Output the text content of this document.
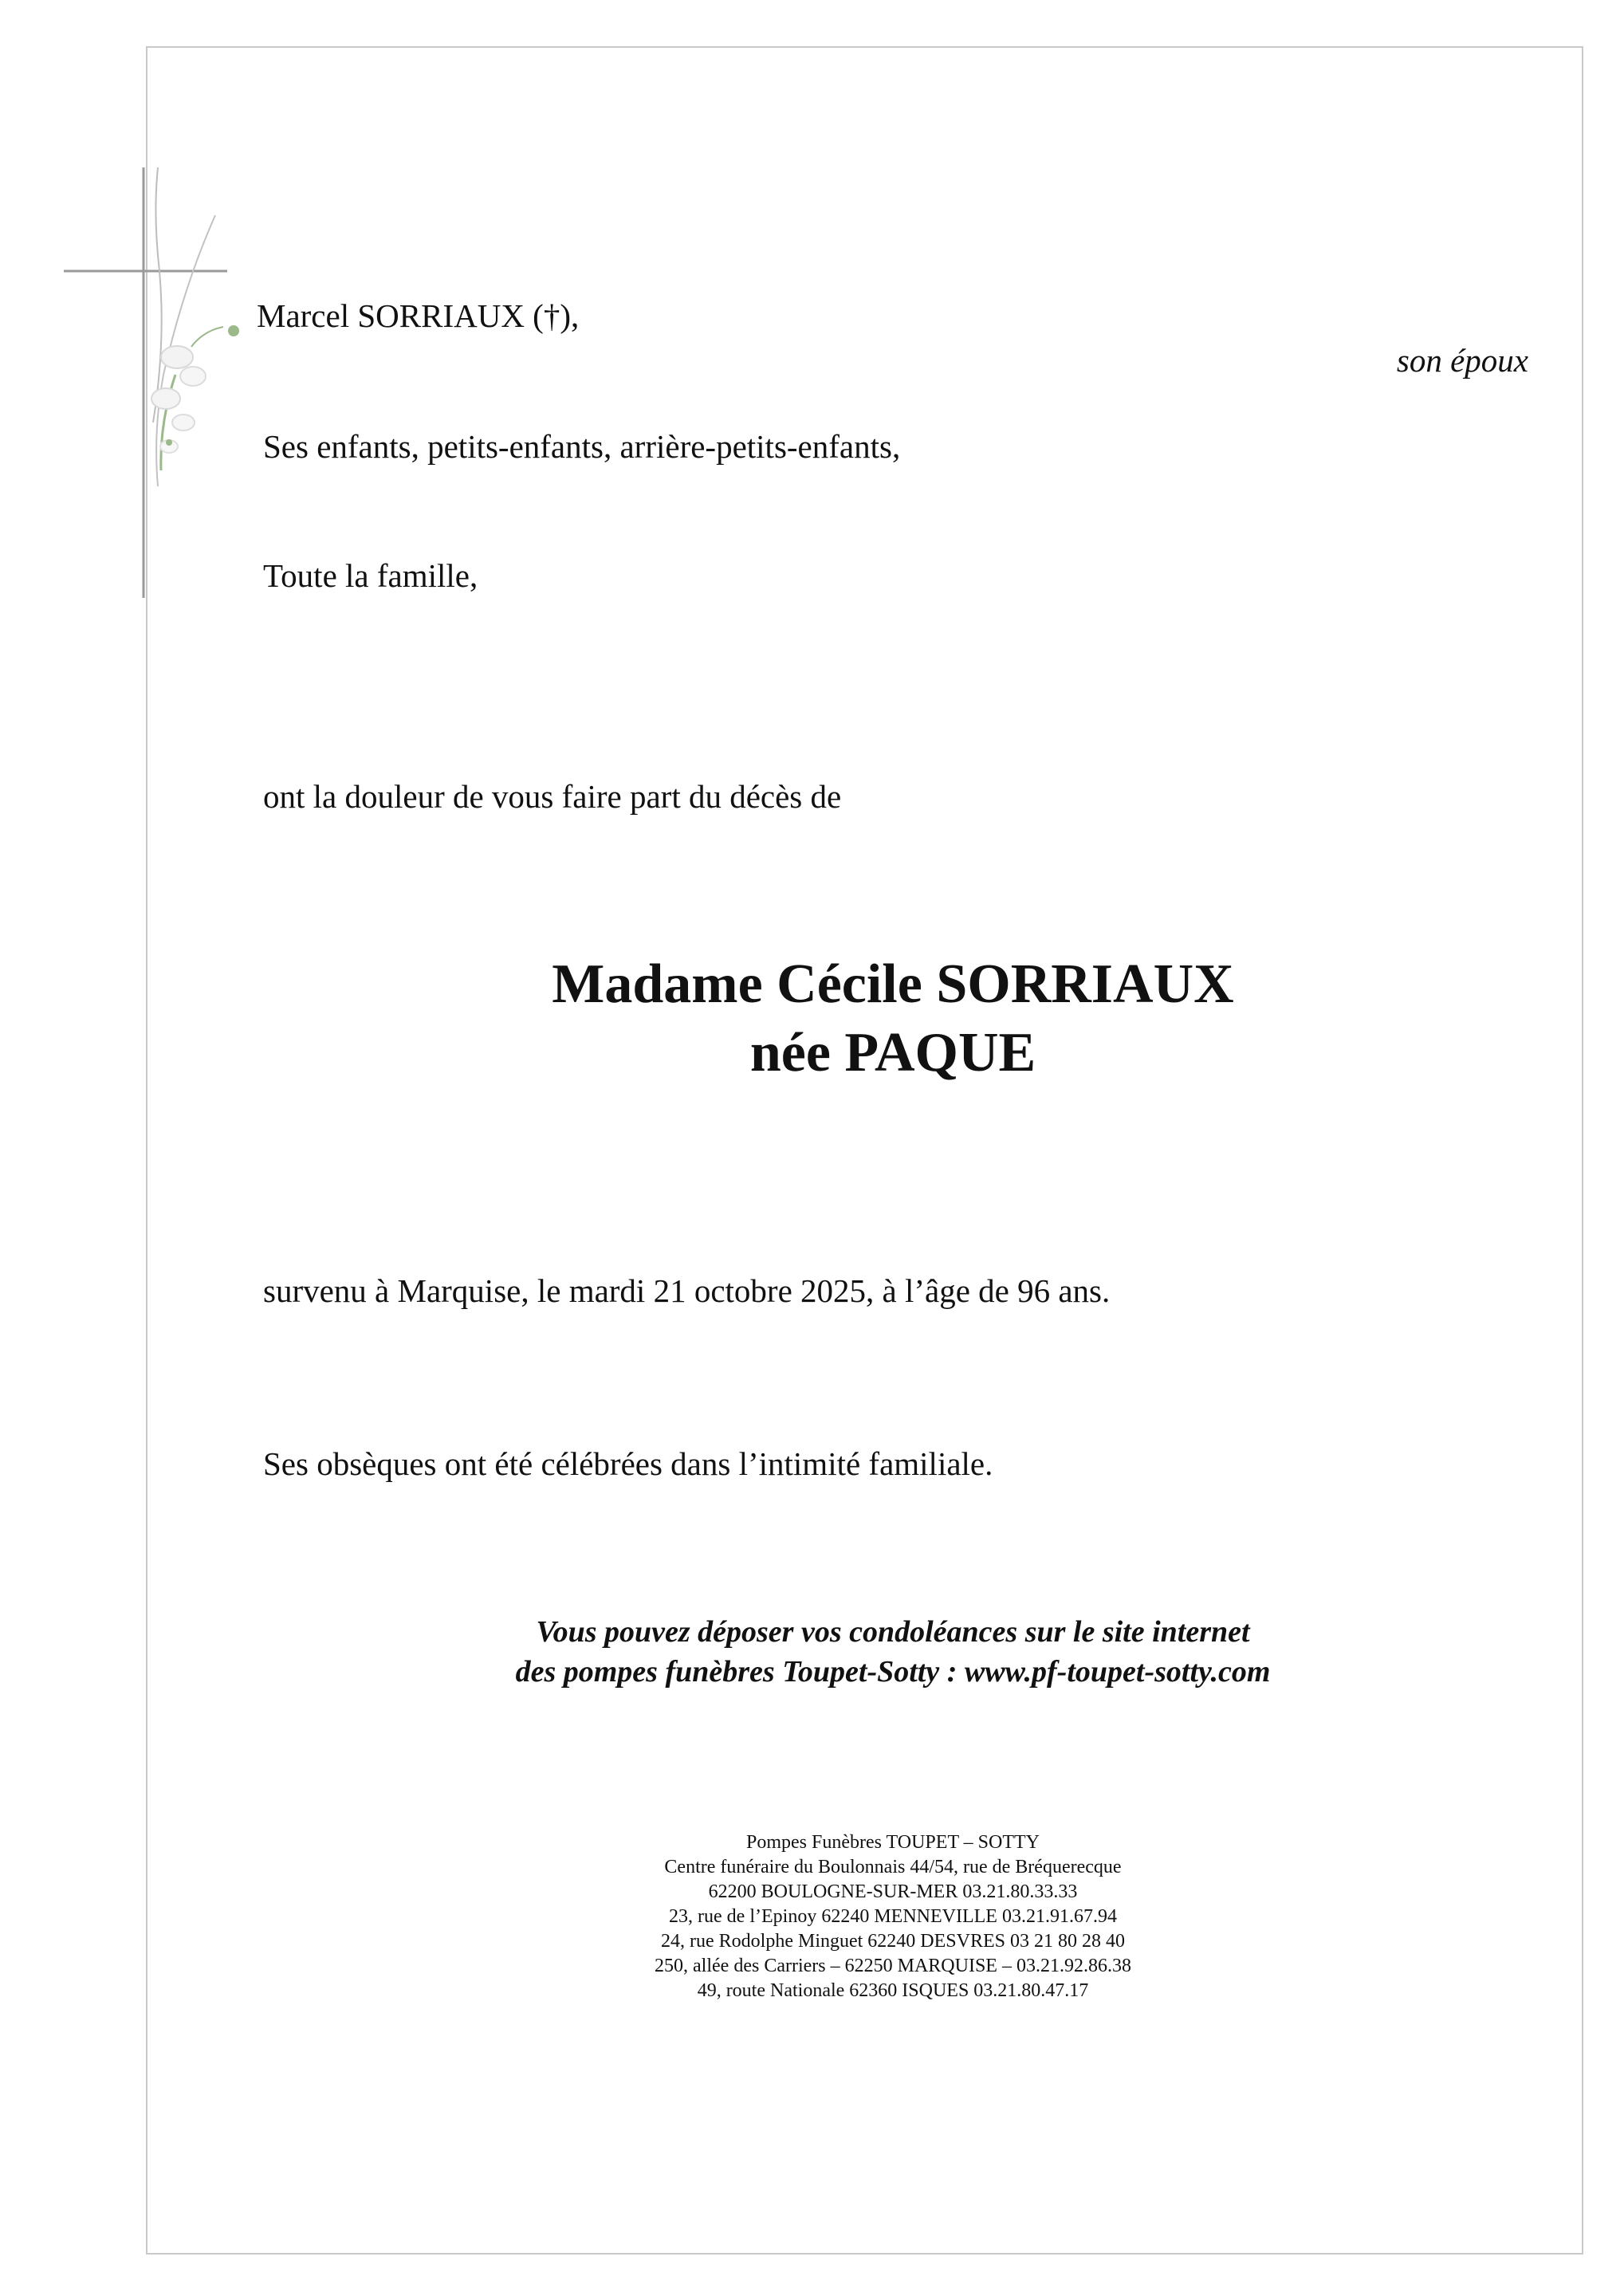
Marcel SORRIAUX (†),

son époux

Ses enfants, petits-enfants, arrière-petits-enfants,

Toute la famille,

ont la douleur de vous faire part du décès de

Madame Cécile SORRIAUX
née PAQUE

survenu à Marquise, le mardi 21 octobre 2025, à l’âge de 96 ans.

Ses obsèques ont été célébrées dans l’intimité familiale.

Vous pouvez déposer vos condoléances sur le site internet
des pompes funèbres Toupet-Sotty : www.pf-toupet-sotty.com
Pompes Funèbres TOUPET – SOTTY
Centre funéraire du Boulonnais 44/54, rue de Bréquerecque
62200 BOULOGNE-SUR-MER 03.21.80.33.33
23, rue de l’Epinoy 62240 MENNEVILLE 03.21.91.67.94
24, rue Rodolphe Minguet 62240 DESVRES 03 21 80 28 40
250, allée des Carriers – 62250 MARQUISE – 03.21.92.86.38
49, route Nationale 62360 ISQUES 03.21.80.47.17
